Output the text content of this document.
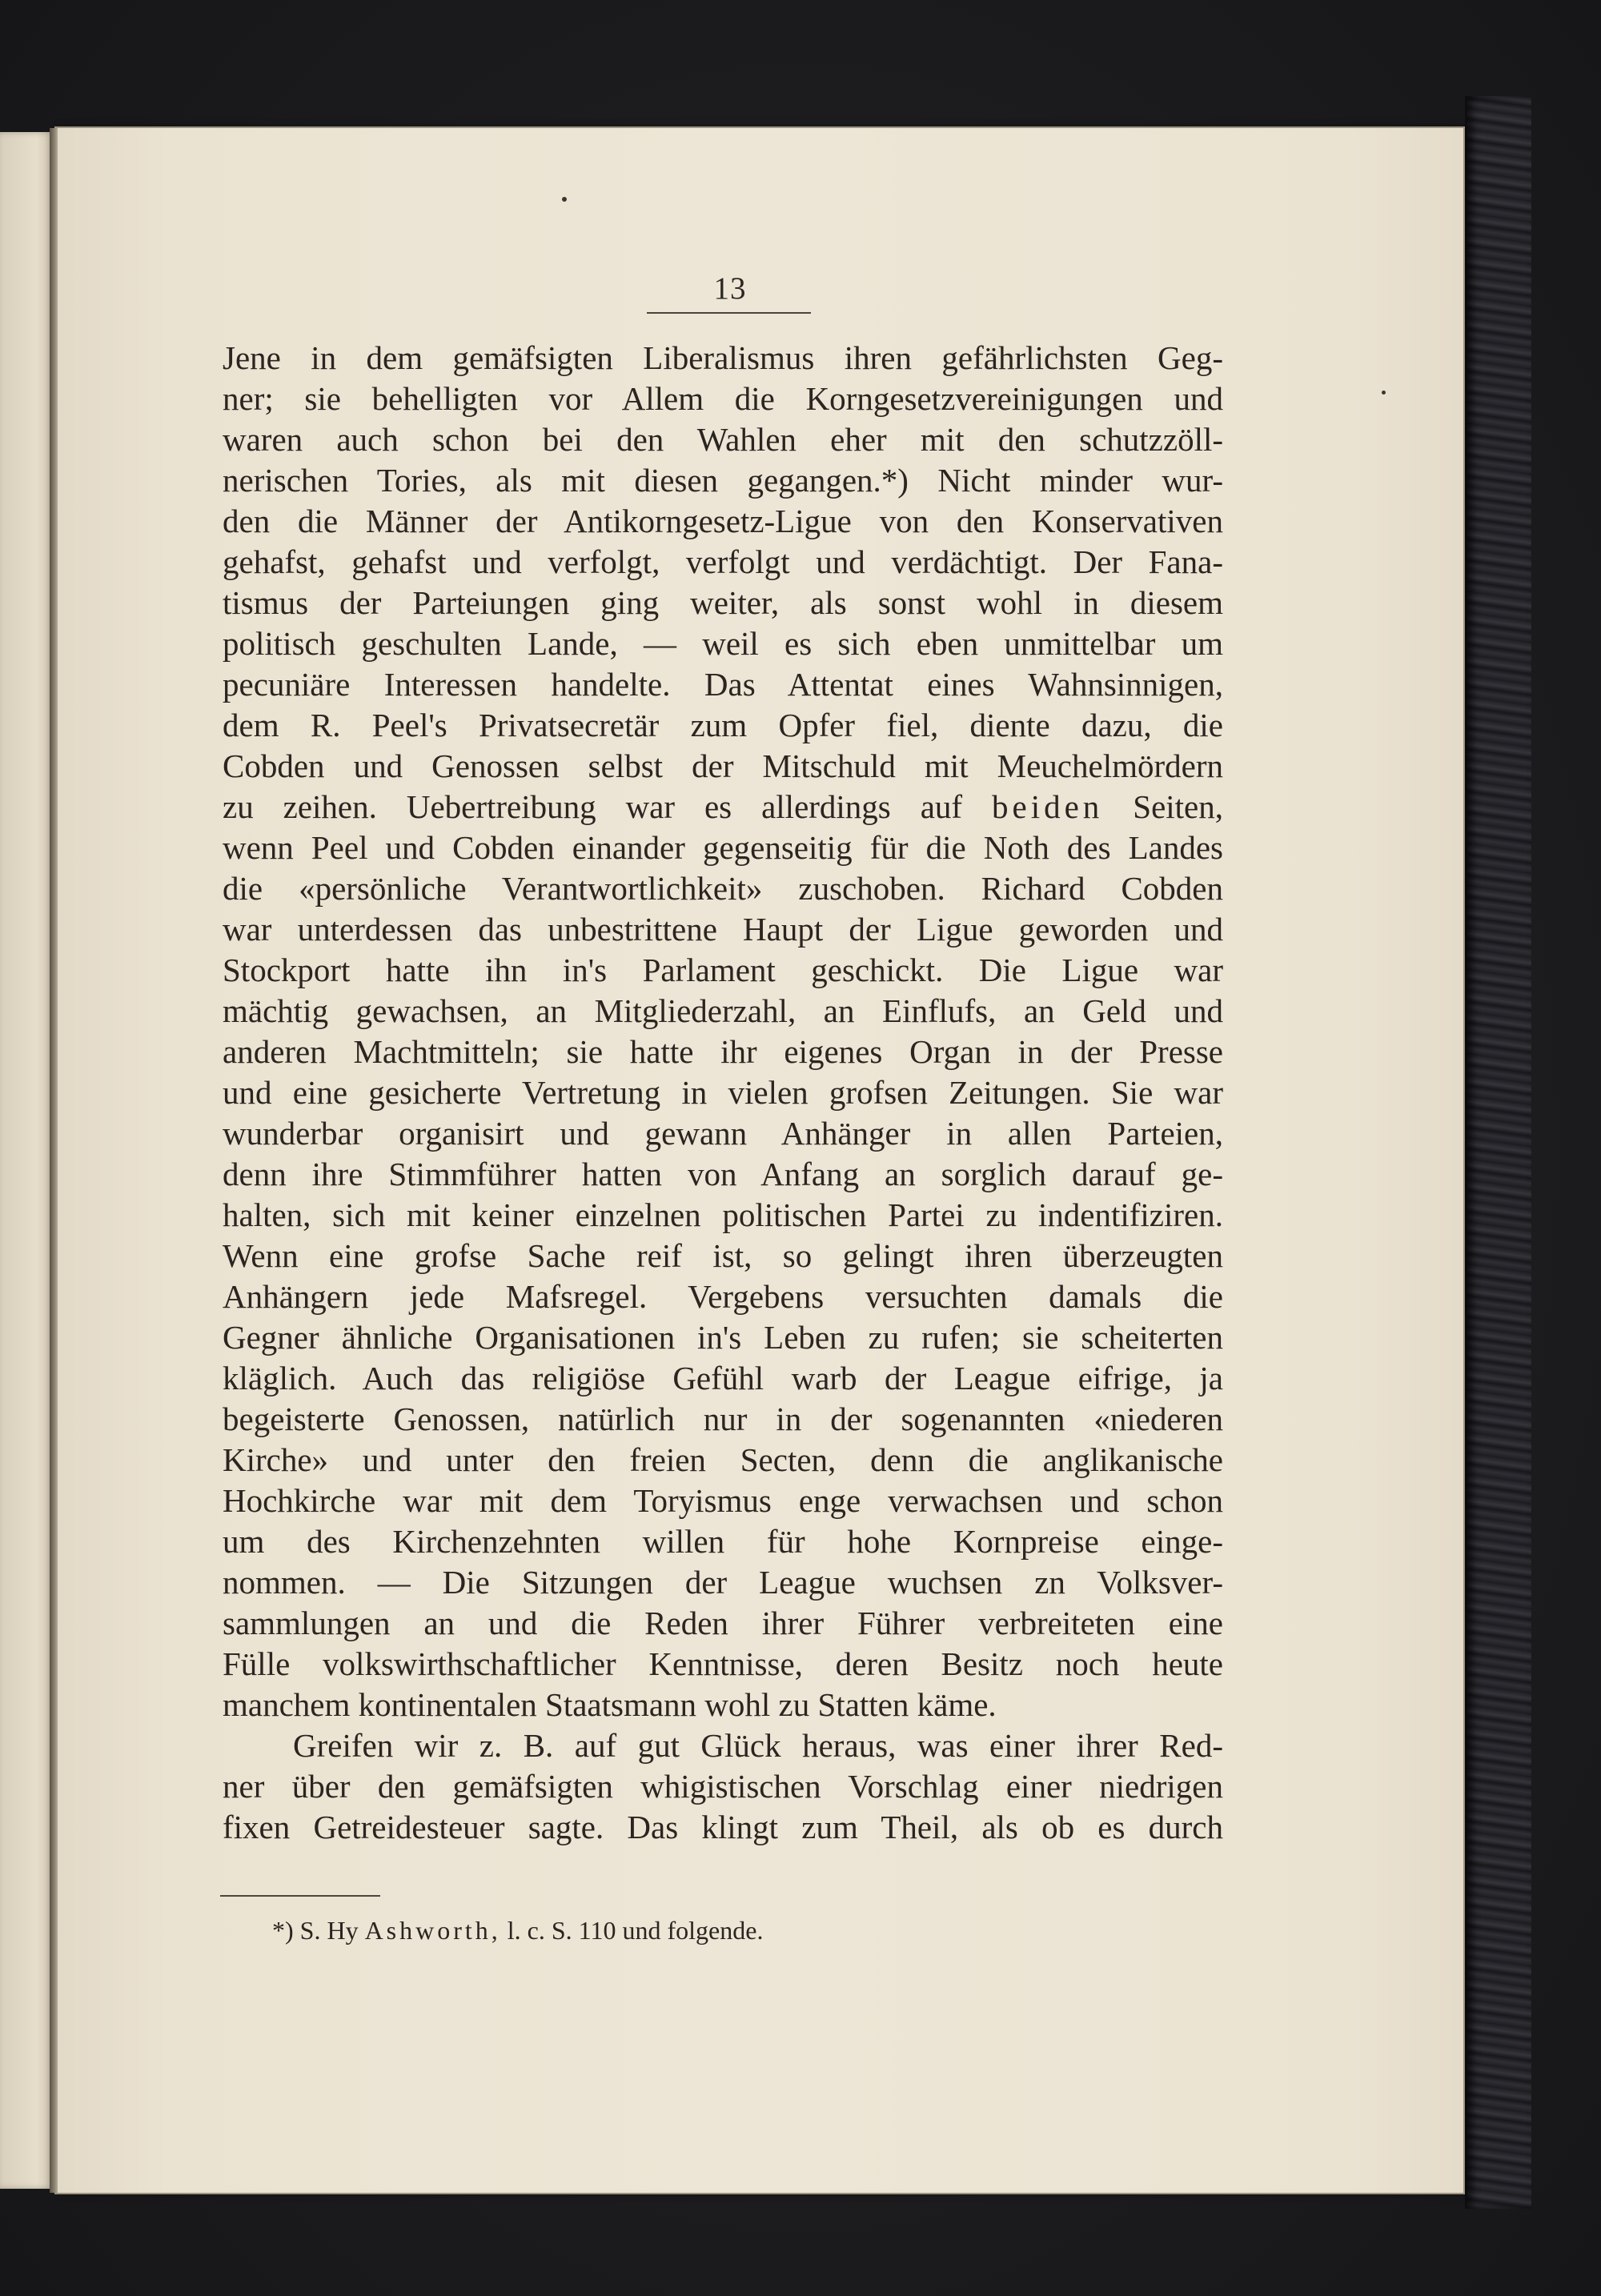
13
Jene in dem gemäfsigten Liberalismus ihren gefährlichsten Geg-
ner; sie behelligten vor Allem die Korngesetzvereinigungen und
waren auch schon bei den Wahlen eher mit den schutzzöll-
nerischen Tories, als mit diesen gegangen.*) Nicht minder wur-
den die Männer der Antikorngesetz-Ligue von den Konservativen
gehafst, gehafst und verfolgt, verfolgt und verdächtigt. Der Fana-
tismus der Parteiungen ging weiter, als sonst wohl in diesem
politisch geschulten Lande, — weil es sich eben unmittelbar um
pecuniäre Interessen handelte. Das Attentat eines Wahnsinnigen,
dem R. Peel's Privatsecretär zum Opfer fiel, diente dazu, die
Cobden und Genossen selbst der Mitschuld mit Meuchelmördern
zu zeihen. Uebertreibung war es allerdings auf beiden Seiten,
wenn Peel und Cobden einander gegenseitig für die Noth des Landes
die «persönliche Verantwortlichkeit» zuschoben. Richard Cobden
war unterdessen das unbestrittene Haupt der Ligue geworden und
Stockport hatte ihn in's Parlament geschickt. Die Ligue war
mächtig gewachsen, an Mitgliederzahl, an Einflufs, an Geld und
anderen Machtmitteln; sie hatte ihr eigenes Organ in der Presse
und eine gesicherte Vertretung in vielen grofsen Zeitungen. Sie war
wunderbar organisirt und gewann Anhänger in allen Parteien,
denn ihre Stimmführer hatten von Anfang an sorglich darauf ge-
halten, sich mit keiner einzelnen politischen Partei zu indentifiziren.
Wenn eine grofse Sache reif ist, so gelingt ihren überzeugten
Anhängern jede Mafsregel. Vergebens versuchten damals die
Gegner ähnliche Organisationen in's Leben zu rufen; sie scheiterten
kläglich. Auch das religiöse Gefühl warb der League eifrige, ja
begeisterte Genossen, natürlich nur in der sogenannten «niederen
Kirche» und unter den freien Secten, denn die anglikanische
Hochkirche war mit dem Toryismus enge verwachsen und schon
um des Kirchenzehnten willen für hohe Kornpreise einge-
nommen. — Die Sitzungen der League wuchsen zn Volksver-
sammlungen an und die Reden ihrer Führer verbreiteten eine
Fülle volkswirthschaftlicher Kenntnisse, deren Besitz noch heute
manchem kontinentalen Staatsmann wohl zu Statten käme.
Greifen wir z. B. auf gut Glück heraus, was einer ihrer Red-
ner über den gemäfsigten whigistischen Vorschlag einer niedrigen
fixen Getreidesteuer sagte. Das klingt zum Theil, als ob es durch
*) S. Hy Ashworth, l. c. S. 110 und folgende.
